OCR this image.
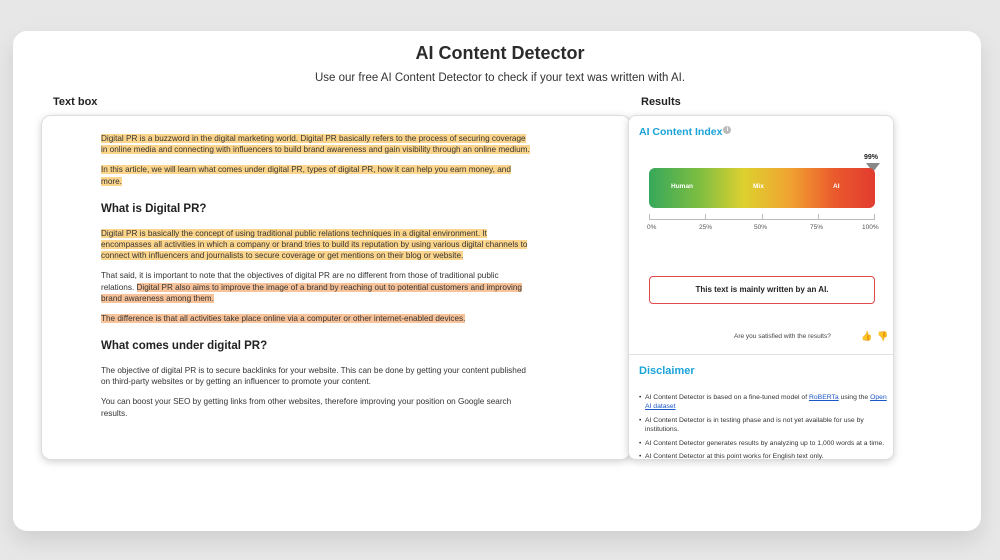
AI Content Detector
Use our free AI Content Detector to check if your text was written with AI.
Text box	Results

Digital PR is a buzzword in the digital marketing world. Digital PR basically refers to the process of securing coverage in online media and connecting with influencers to build brand awareness and gain visibility through an online medium.

In this article, we will learn what comes under digital PR, types of digital PR, how it can help you earn money, and more.

What is Digital PR?

Digital PR is basically the concept of using traditional public relations techniques in a digital environment. It encompasses all activities in which a company or brand tries to build its reputation by using various digital channels to connect with influencers and journalists to secure coverage or get mentions on their blog or website.

That said, it is important to note that the objectives of digital PR are no different from those of traditional public relations. Digital PR also aims to improve the image of a brand by reaching out to potential customers and improving brand awareness among them.

The difference is that all activities take place online via a computer or other internet-enabled devices.

What comes under digital PR?

The objective of digital PR is to secure backlinks for your website. This can be done by getting your content published on third-party websites or by getting an influencer to promote your content.

You can boost your SEO by getting links from other websites, therefore improving your position on Google search results.

AI Content Index i
99%
Human	Mix	AI
0%	25%	50%	75%	100%
This text is mainly written by an AI.
Are you satisfied with the results?	👍 👎
Disclaimer
• AI Content Detector is based on a fine-tuned model of RoBERTa using the Open AI dataset
• AI Content Detector is in testing phase and is not yet available for use by institutions.
• AI Content Detector generates results by analyzing up to 1,000 words at a time.
• AI Content Detector at this point works for English text only.
